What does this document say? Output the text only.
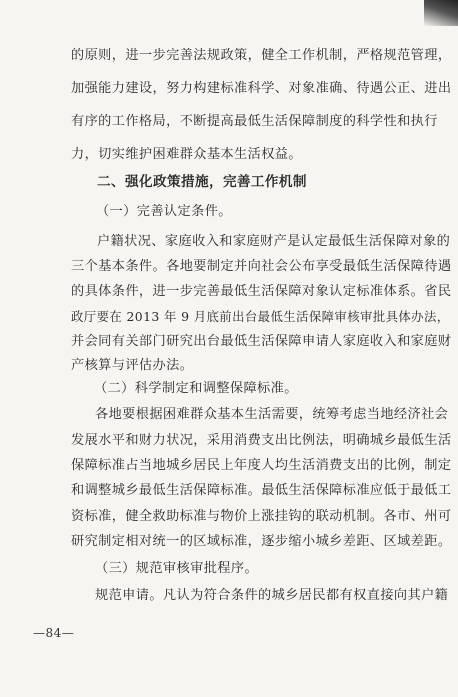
的原则，进一步完善法规政策，健全工作机制，严格规范管理，
加强能力建设，努力构建标准科学、对象准确、待遇公正、进出
有序的工作格局，不断提高最低生活保障制度的科学性和执行
力，切实维护困难群众基本生活权益。
二、强化政策措施，完善工作机制
（一）完善认定条件。
户籍状况、家庭收入和家庭财产是认定最低生活保障对象的
三个基本条件。各地要制定并向社会公布享受最低生活保障待遇
的具体条件，进一步完善最低生活保障对象认定标准体系。省民
政厅要在 2013 年 9 月底前出台最低生活保障审核审批具体办法，
并会同有关部门研究出台最低生活保障申请人家庭收入和家庭财
产核算与评估办法。
（二）科学制定和调整保障标准。
各地要根据困难群众基本生活需要，统筹考虑当地经济社会
发展水平和财力状况，采用消费支出比例法，明确城乡最低生活
保障标准占当地城乡居民上年度人均生活消费支出的比例，制定
和调整城乡最低生活保障标准。最低生活保障标准应低于最低工
资标准，健全救助标准与物价上涨挂钩的联动机制。各市、州可
研究制定相对统一的区域标准，逐步缩小城乡差距、区域差距。
（三）规范审核审批程序。
规范申请。凡认为符合条件的城乡居民都有权直接向其户籍
—84—
